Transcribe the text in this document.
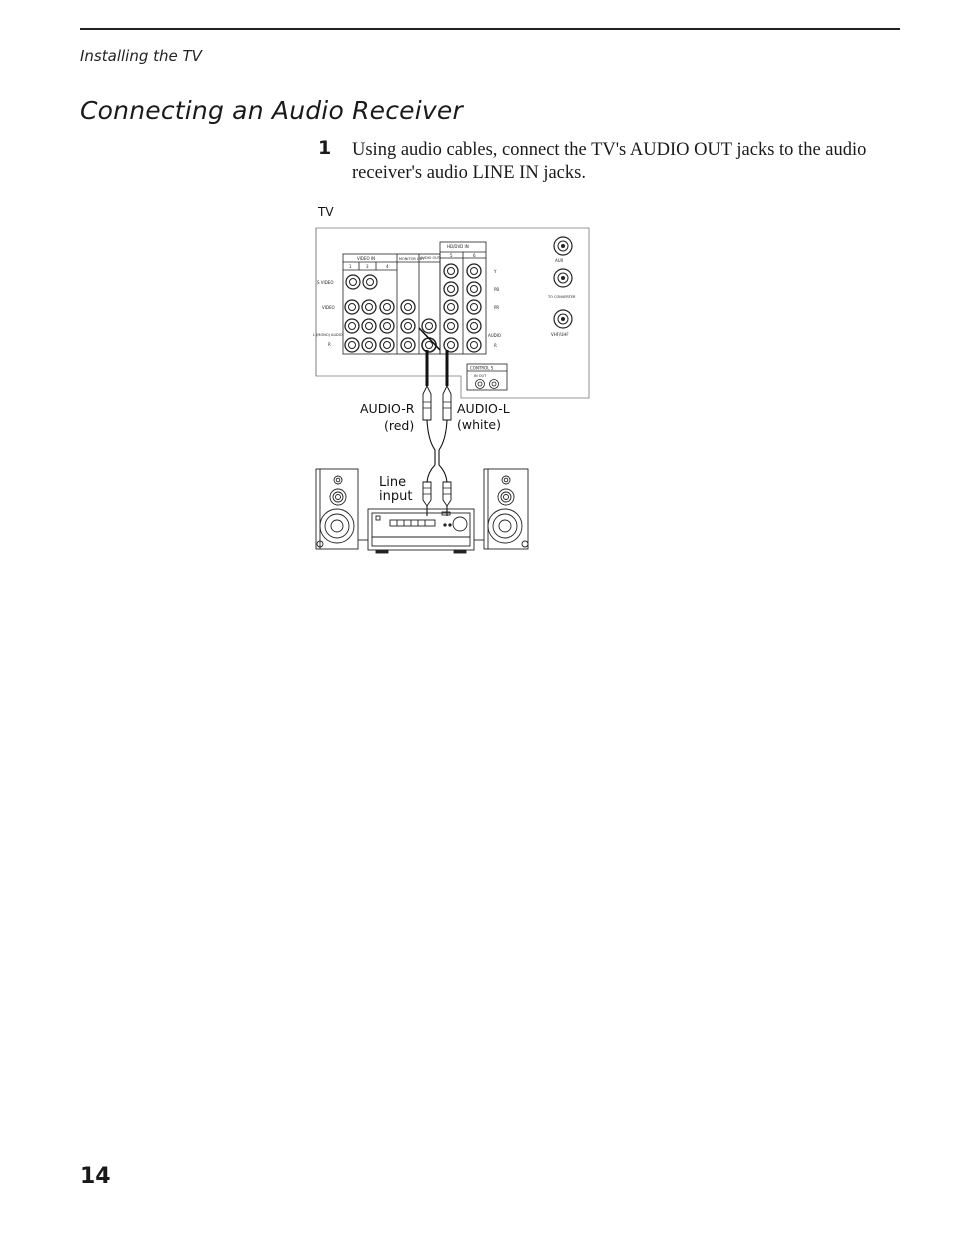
Installing the TV
Connecting an Audio Receiver
1 Using audio cables, connect the TV's AUDIO OUT jacks to the audio receiver's audio LINE IN jacks.
TV
VIDEO IN	MONITOR OUT
AUDIO OUT
HD/DVD IN
1	3	4
5	6
S VIDEO
VIDEO
L (MONO) AUDIO
R
Y
PB
PR
AUDIO
R
AUX
TO CONVERTER
VHF/UHF
CONTROL S
IN OUT
AUDIO-R
(red)
AUDIO-L
(white)
Line
input
14
